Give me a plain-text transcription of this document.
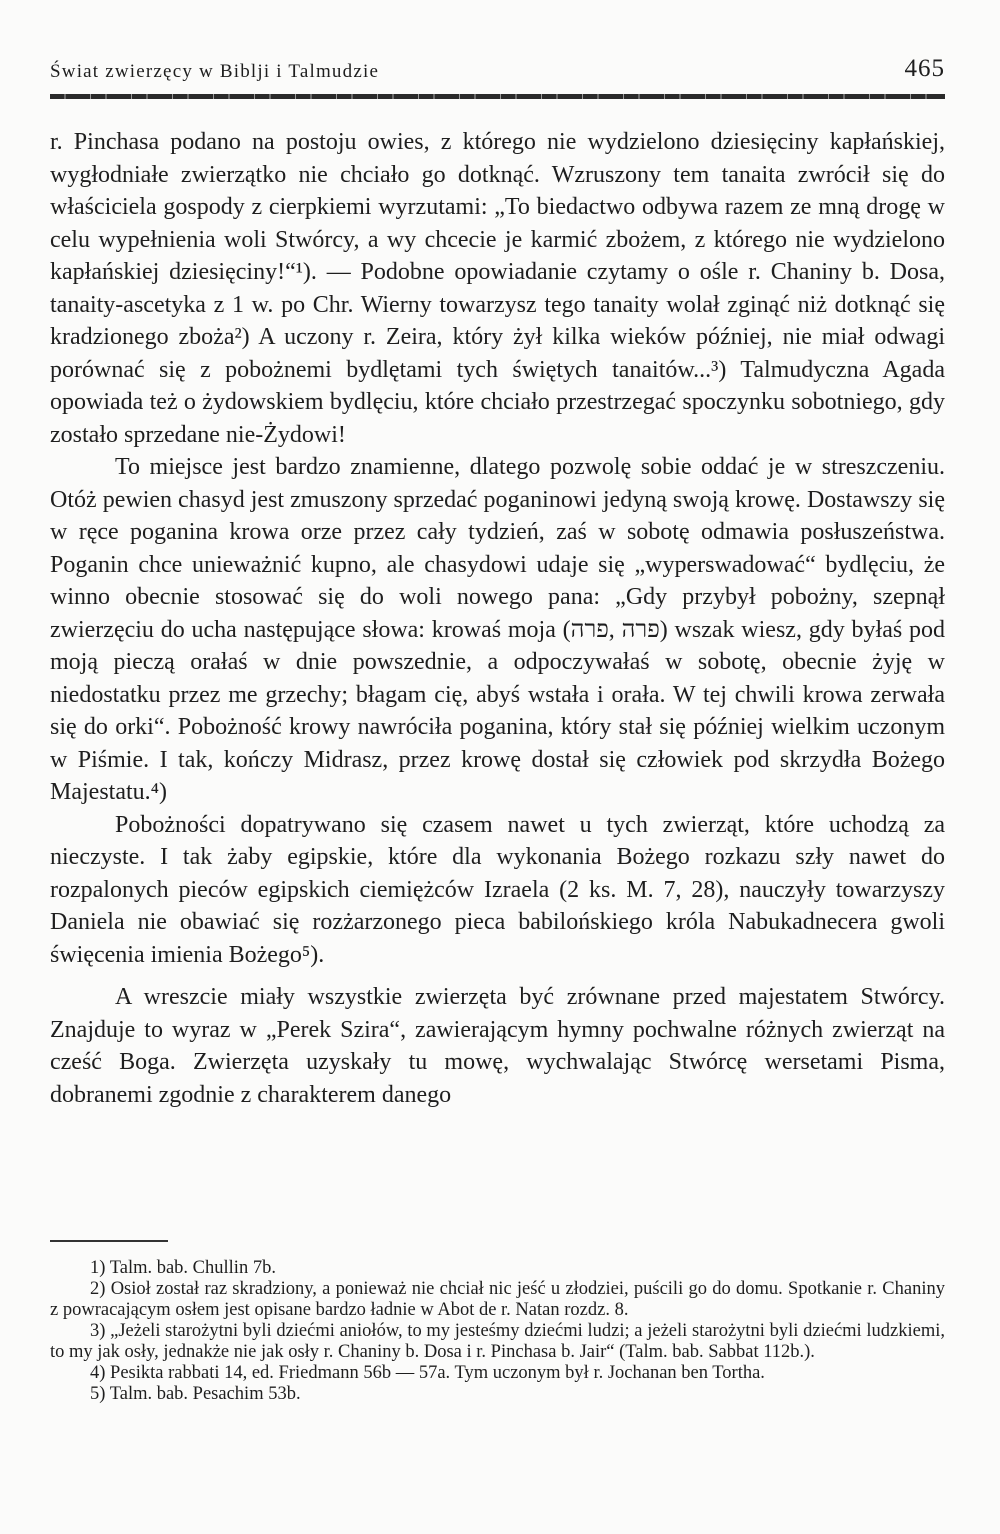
Świat zwierzęcy w Biblji i Talmudzie	465

r. Pinchasa podano na postoju owies, z którego nie wydzielono dziesięciny kapłańskiej, wygłodniałe zwierzątko nie chciało go dotknąć. Wzruszony tem tanaita zwrócił się do właściciela gospody z cierpkiemi wyrzutami: „To biedactwo odbywa razem ze mną drogę w celu wypełnienia woli Stwórcy, a wy chcecie je karmić zbożem, z którego nie wydzielono kapłańskiej dziesięciny!“¹). — Podobne opowiadanie czytamy o ośle r. Chaniny b. Dosa, tanaity-ascetyka z 1 w. po Chr. Wierny towarzysz tego tanaity wolał zginąć niż dotknąć się kradzionego zboża²) A uczony r. Zeira, który żył kilka wieków później, nie miał odwagi porównać się z pobożnemi bydlętami tych świętych tanaitów...³) Talmudyczna Agada opowiada też o żydowskiem bydlęciu, które chciało przestrzegać spoczynku sobotniego, gdy zostało sprzedane nie-Żydowi!

To miejsce jest bardzo znamienne, dlatego pozwolę sobie oddać je w streszczeniu. Otóż pewien chasyd jest zmuszony sprzedać poganinowi jedyną swoją krowę. Dostawszy się w ręce poganina krowa orze przez cały tydzień, zaś w sobotę odmawia posłuszeństwa. Poganin chce unieważnić kupno, ale chasydowi udaje się „wyperswadować“ bydlęciu, że winno obecnie stosować się do woli nowego pana: „Gdy przybył pobożny, szepnął zwierzęciu do ucha następujące słowa: krowaś moja (פרה ,פרה) wszak wiesz, gdy byłaś pod moją pieczą orałaś w dnie powszednie, a odpoczywałaś w sobotę, obecnie żyję w niedostatku przez me grzechy; błagam cię, abyś wstała i orała. W tej chwili krowa zerwała się do orki“. Pobożność krowy nawróciła poganina, który stał się później wielkim uczonym w Piśmie. I tak, kończy Midrasz, przez krowę dostał się człowiek pod skrzydła Bożego Majestatu.⁴)

Pobożności dopatrywano się czasem nawet u tych zwierząt, które uchodzą za nieczyste. I tak żaby egipskie, które dla wykonania Bożego rozkazu szły nawet do rozpalonych pieców egipskich ciemiężców Izraela (2 ks. M. 7, 28), nauczyły towarzyszy Daniela nie obawiać się rozżarzonego pieca babilońskiego króla Nabukadnecera gwoli święcenia imienia Bożego⁵).

A wreszcie miały wszystkie zwierzęta być zrównane przed majestatem Stwórcy. Znajduje to wyraz w „Perek Szira“, zawierającym hymny pochwalne różnych zwierząt na cześć Boga. Zwierzęta uzyskały tu mowę, wychwalając Stwórcę wersetami Pisma, dobranemi zgodnie z charakterem danego

1) Talm. bab. Chullin 7b.

2) Osioł został raz skradziony, a ponieważ nie chciał nic jeść u złodziei, puścili go do domu. Spotkanie r. Chaniny z powracającym osłem jest opisane bardzo ładnie w Abot de r. Natan rozdz. 8.

3) „Jeżeli starożytni byli dziećmi aniołów, to my jesteśmy dziećmi ludzi; a jeżeli starożytni byli dziećmi ludzkiemi, to my jak osły, jednakże nie jak osły r. Chaniny b. Dosa i r. Pinchasa b. Jair“ (Talm. bab. Sabbat 112b.).

4) Pesikta rabbati 14, ed. Friedmann 56b — 57a. Tym uczonym był r. Jochanan ben Tortha.

5) Talm. bab. Pesachim 53b.
